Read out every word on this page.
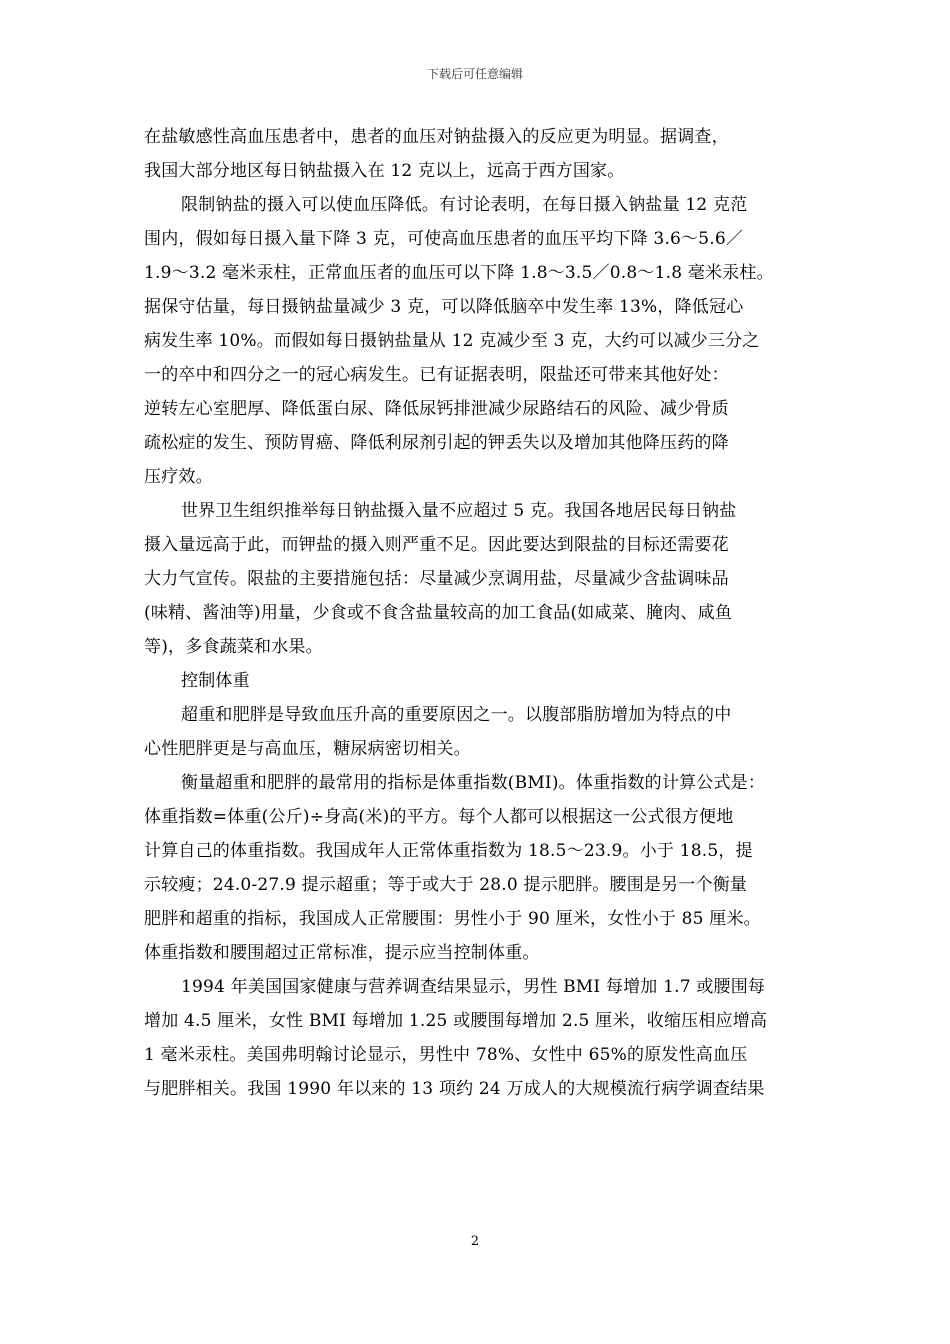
下载后可任意编辑
在盐敏感性高血压患者中，患者的血压对钠盐摄入的反应更为明显。据调查，
我国大部分地区每日钠盐摄入在 12 克以上，远高于西方国家。
限制钠盐的摄入可以使血压降低。有讨论表明，在每日摄入钠盐量 12 克范
围内，假如每日摄入量下降 3 克，可使高血压患者的血压平均下降 3.6～5.6／
1.9～3.2 毫米汞柱，正常血压者的血压可以下降 1.8～3.5／0.8～1.8 毫米汞柱。
据保守估量，每日摄钠盐量减少 3 克，可以降低脑卒中发生率 13%，降低冠心
病发生率 10%。而假如每日摄钠盐量从 12 克减少至 3 克，大约可以减少三分之
一的卒中和四分之一的冠心病发生。已有证据表明，限盐还可带来其他好处：
逆转左心室肥厚、降低蛋白尿、降低尿钙排泄减少尿路结石的风险、减少骨质
疏松症的发生、预防胃癌、降低利尿剂引起的钾丢失以及增加其他降压药的降
压疗效。
世界卫生组织推举每日钠盐摄入量不应超过 5 克。我国各地居民每日钠盐
摄入量远高于此，而钾盐的摄入则严重不足。因此要达到限盐的目标还需要花
大力气宣传。限盐的主要措施包括：尽量减少烹调用盐，尽量减少含盐调味品
(味精、酱油等)用量，少食或不食含盐量较高的加工食品(如咸菜、腌肉、咸鱼
等)，多食蔬菜和水果。
控制体重
超重和肥胖是导致血压升高的重要原因之一。以腹部脂肪增加为特点的中
心性肥胖更是与高血压，糖尿病密切相关。
衡量超重和肥胖的最常用的指标是体重指数(BMI)。体重指数的计算公式是：
体重指数=体重(公斤)÷身高(米)的平方。每个人都可以根据这一公式很方便地
计算自己的体重指数。我国成年人正常体重指数为 18.5～23.9。小于 18.5，提
示较瘦；24.0-27.9 提示超重；等于或大于 28.0 提示肥胖。腰围是另一个衡量
肥胖和超重的指标，我国成人正常腰围：男性小于 90 厘米，女性小于 85 厘米。
体重指数和腰围超过正常标准，提示应当控制体重。
1994 年美国国家健康与营养调查结果显示，男性 BMI 每增加 1.7 或腰围每
增加 4.5 厘米，女性 BMI 每增加 1.25 或腰围每增加 2.5 厘米，收缩压相应增高
1 毫米汞柱。美国弗明翰讨论显示，男性中 78%、女性中 65%的原发性高血压
与肥胖相关。我国 1990 年以来的 13 项约 24 万成人的大规模流行病学调查结果
2
